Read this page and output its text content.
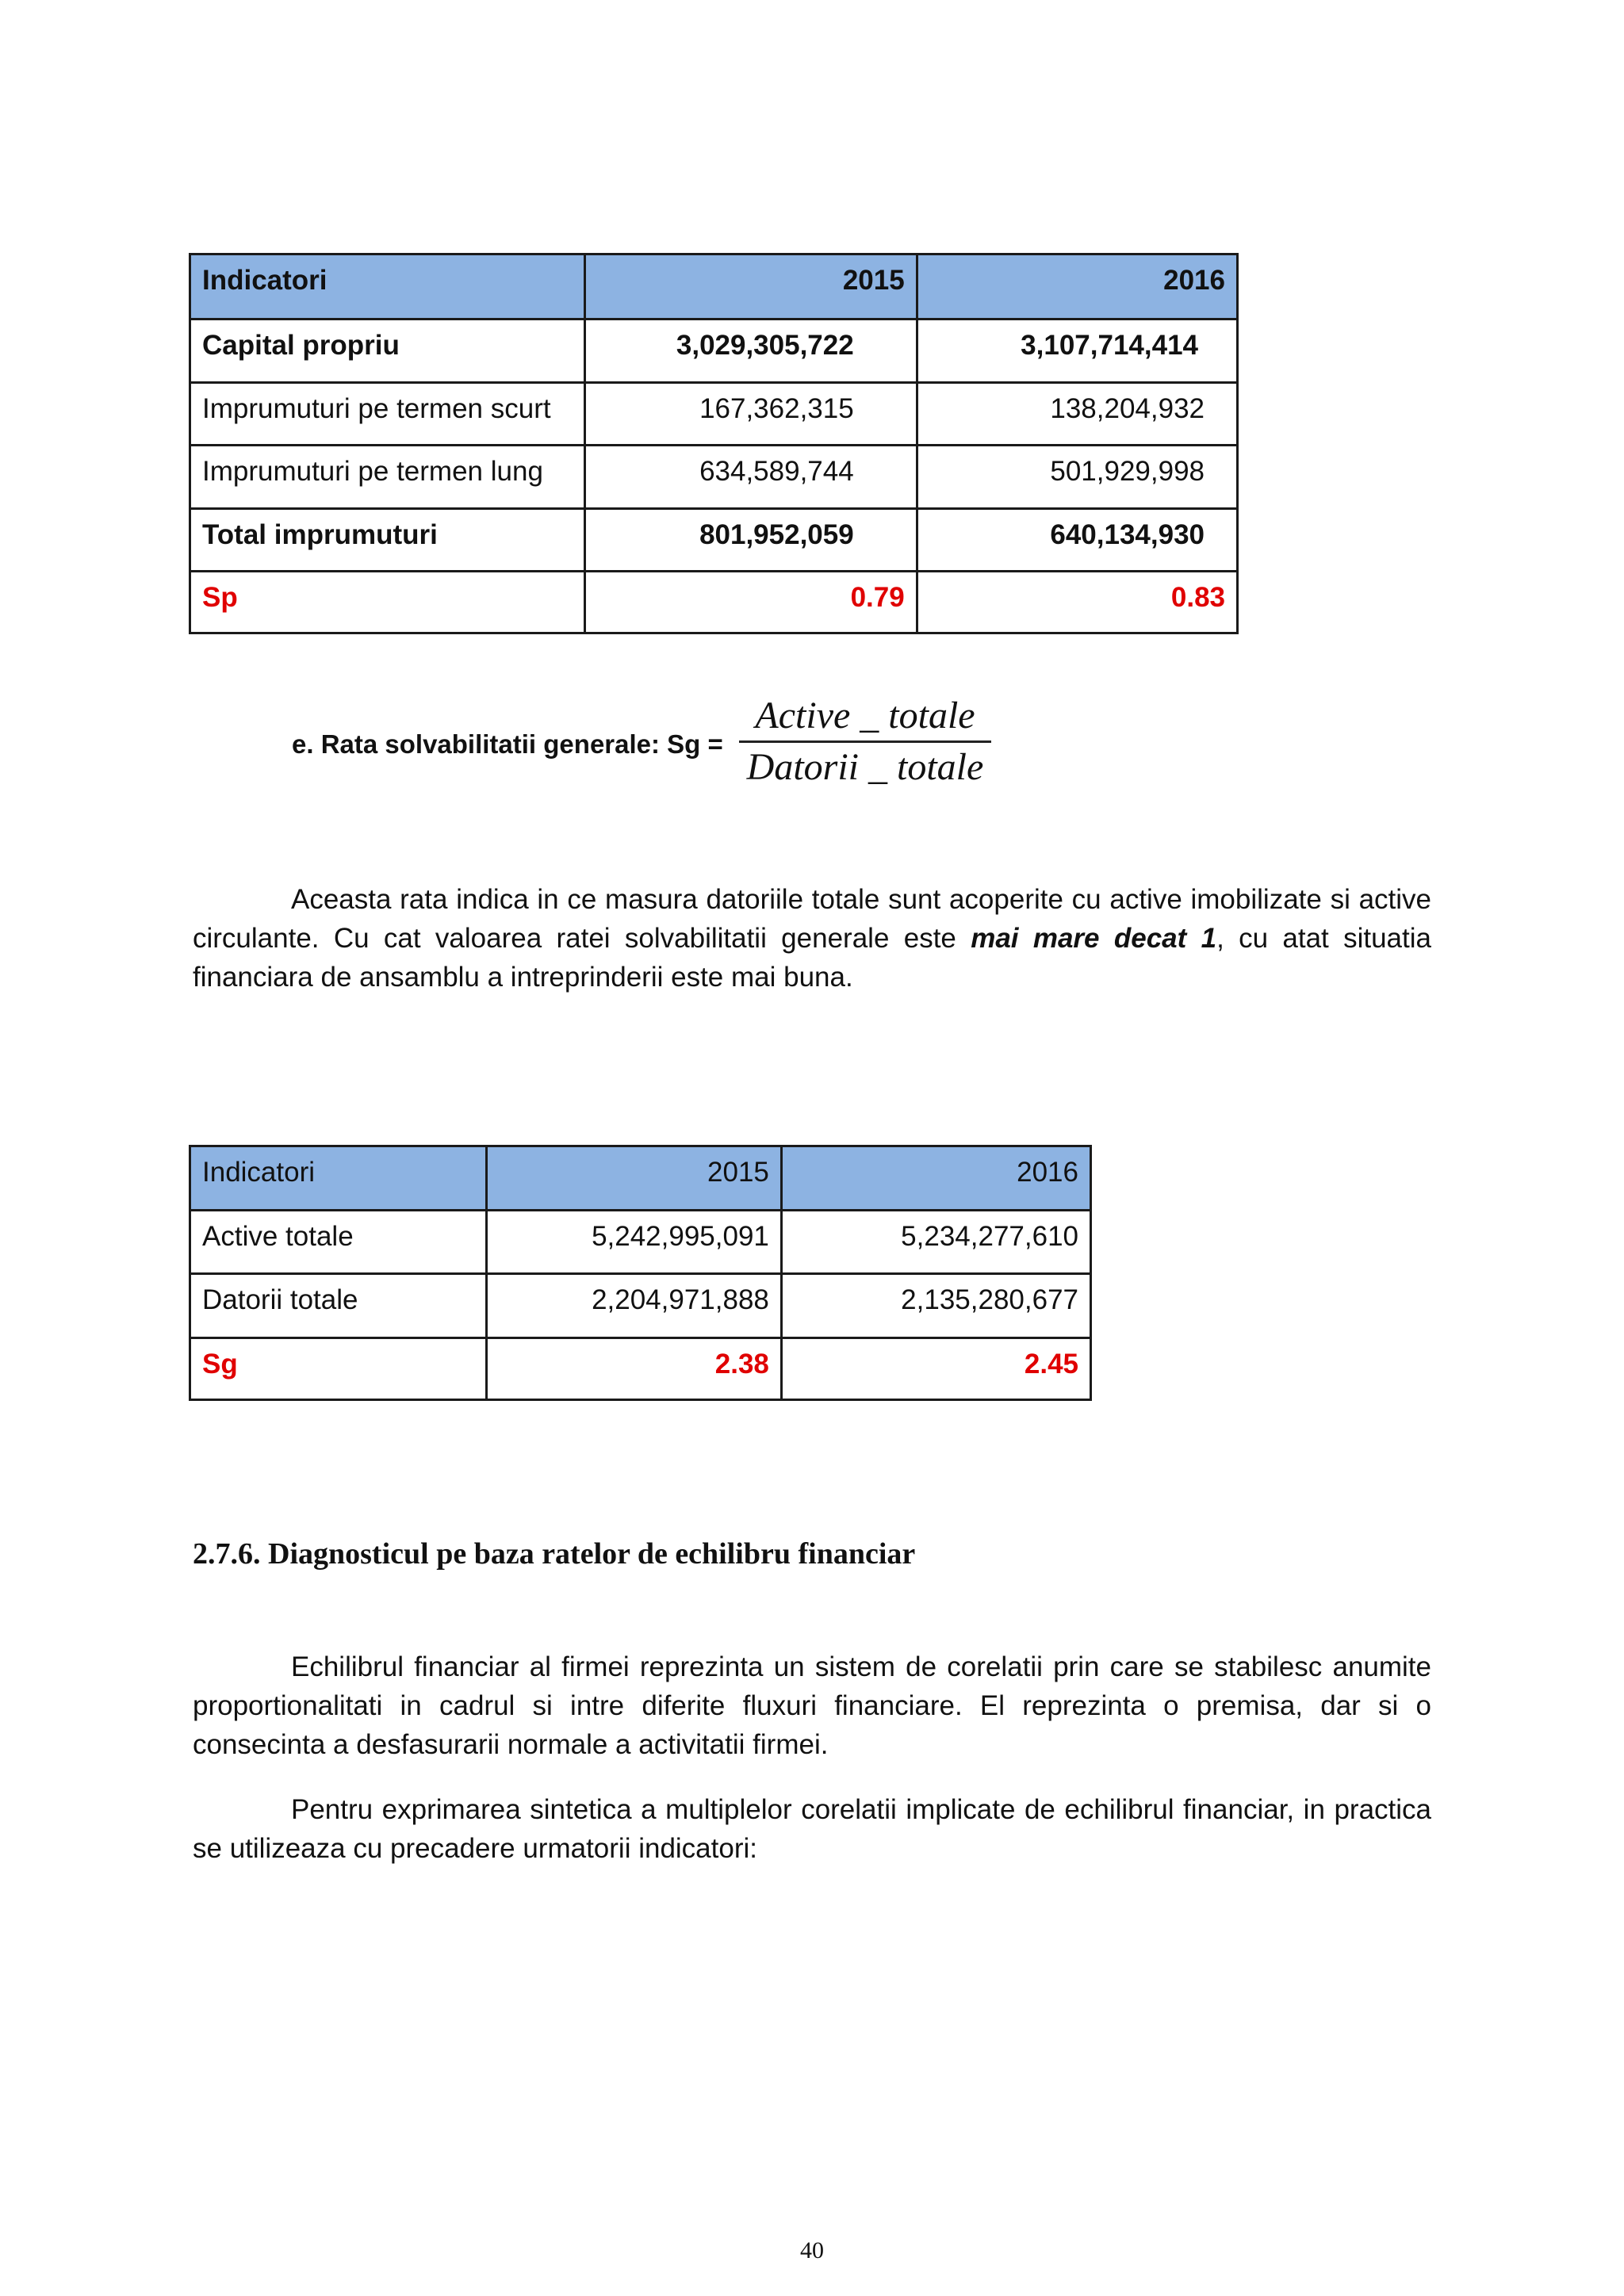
Indicatori	2015	2016
Capital propriu	3,029,305,722	3,107,714,414
Imprumuturi pe termen scurt	167,362,315	138,204,932
Imprumuturi pe termen lung	634,589,744	501,929,998
Total imprumuturi	801,952,059	640,134,930
Sp	0.79	0.83
e. Rata solvabilitatii generale: Sg =
Active _ totale
Datorii _ totale
Aceasta rata indica in ce masura datoriile totale sunt acoperite cu active imobilizate si active circulante. Cu cat valoarea ratei solvabilitatii generale este mai mare decat 1, cu atat situatia financiara de ansamblu a intreprinderii este mai buna.
Indicatori	2015	2016
Active totale	5,242,995,091	5,234,277,610
Datorii totale	2,204,971,888	2,135,280,677
Sg	2.38	2.45
2.7.6. Diagnosticul pe baza ratelor de echilibru financiar
Echilibrul financiar al firmei reprezinta un sistem de corelatii prin care se stabilesc anumite proportionalitati in cadrul si intre diferite fluxuri financiare. El reprezinta o premisa, dar si o consecinta a desfasurarii normale a activitatii firmei.
Pentru exprimarea sintetica a multiplelor corelatii implicate de echilibrul financiar, in practica se utilizeaza cu precadere urmatorii indicatori:
40
